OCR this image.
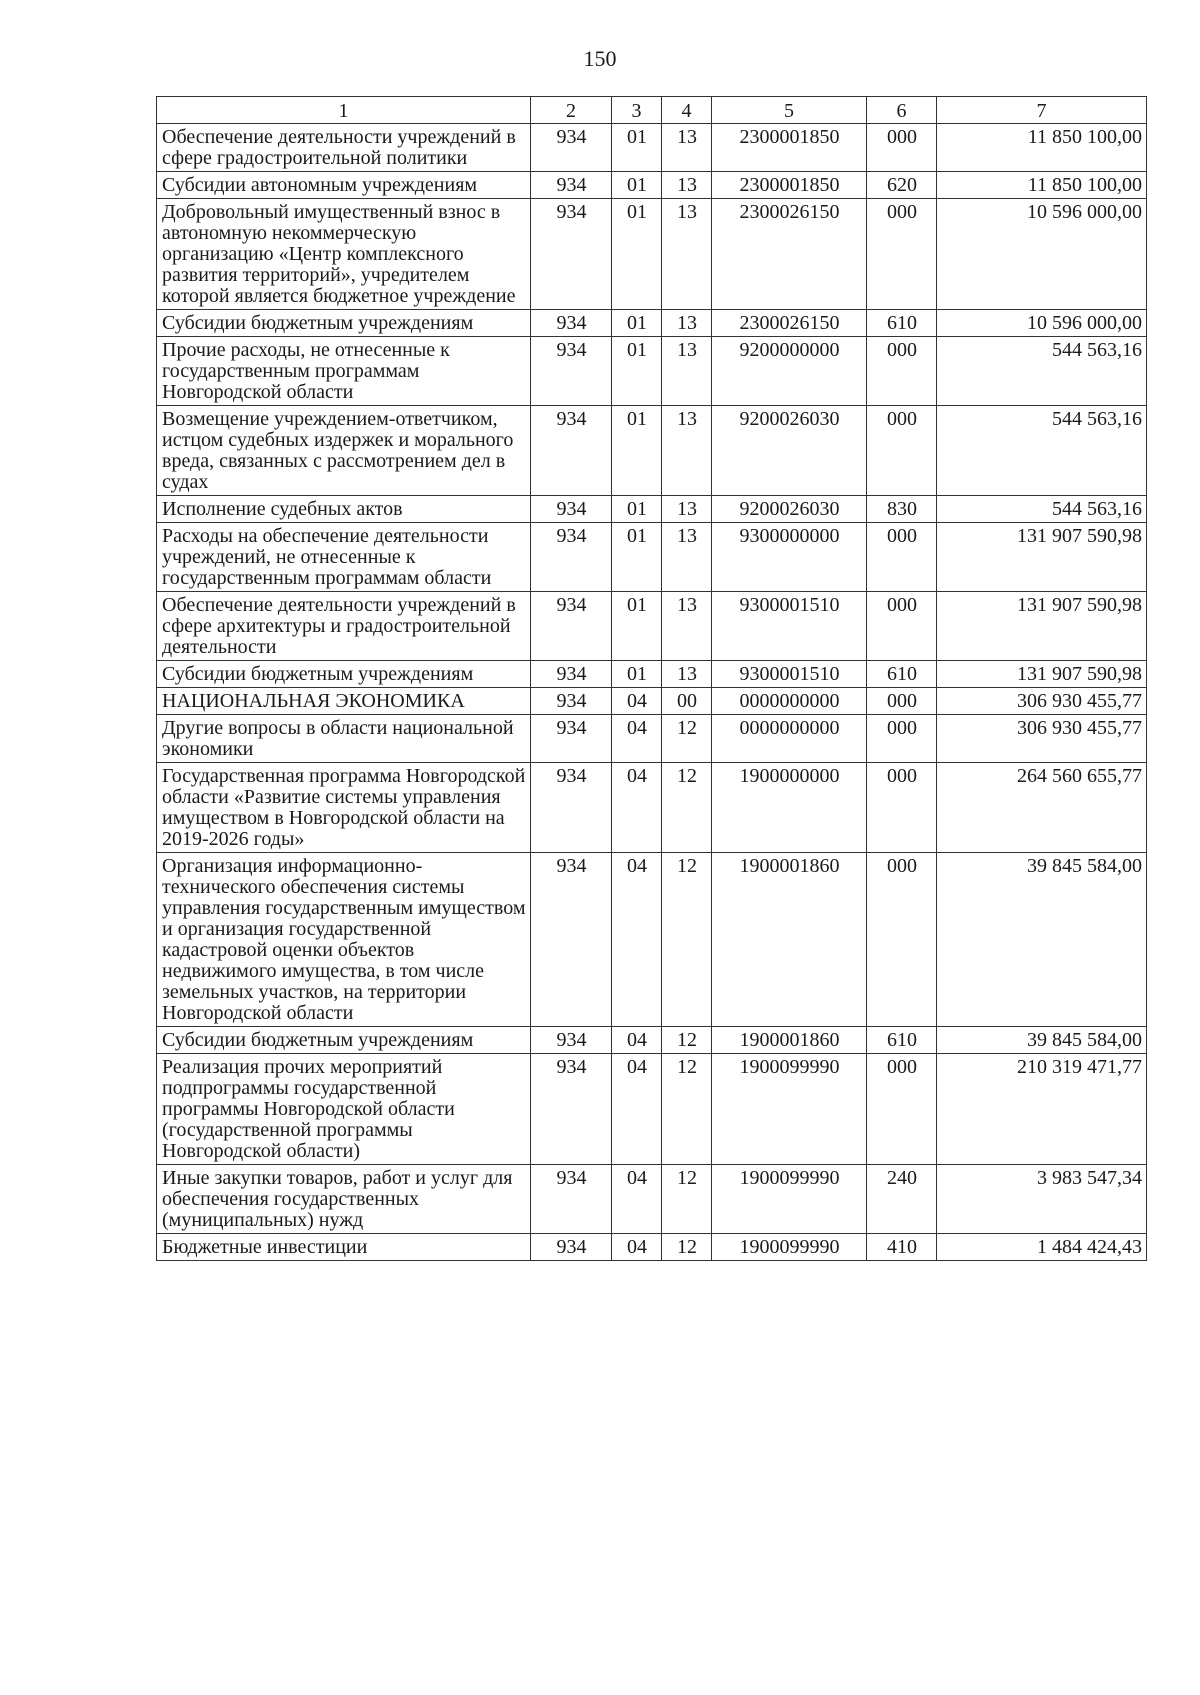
150
1	2	3	4	5	6	7
Обеспечение деятельности учреждений в сфере градостроительной политики	934	01	13	2300001850	000	11 850 100,00
Субсидии автономным учреждениям	934	01	13	2300001850	620	11 850 100,00
Добровольный имущественный взнос в автономную некоммерческую организацию «Центр комплексного развития территорий», учредителем которой является бюджетное учреждение	934	01	13	2300026150	000	10 596 000,00
Субсидии бюджетным учреждениям	934	01	13	2300026150	610	10 596 000,00
Прочие расходы, не отнесенные к государственным программам Новгородской области	934	01	13	9200000000	000	544 563,16
Возмещение учреждением-ответчиком, истцом судебных издержек и морального вреда, связанных с рассмотрением дел в судах	934	01	13	9200026030	000	544 563,16
Исполнение судебных актов	934	01	13	9200026030	830	544 563,16
Расходы на обеспечение деятельности учреждений, не отнесенные к государственным программам области	934	01	13	9300000000	000	131 907 590,98
Обеспечение деятельности учреждений в сфере архитектуры и градостроительной деятельности	934	01	13	9300001510	000	131 907 590,98
Субсидии бюджетным учреждениям	934	01	13	9300001510	610	131 907 590,98
НАЦИОНАЛЬНАЯ ЭКОНОМИКА	934	04	00	0000000000	000	306 930 455,77
Другие вопросы в области национальной экономики	934	04	12	0000000000	000	306 930 455,77
Государственная программа Новгородской области «Развитие системы управления имуществом в Новгородской области на 2019-2026 годы»	934	04	12	1900000000	000	264 560 655,77
Организация информационно-технического обеспечения системы управления государственным имуществом и организация государственной кадастровой оценки объектов недвижимого имущества, в том числе земельных участков, на территории Новгородской области	934	04	12	1900001860	000	39 845 584,00
Субсидии бюджетным учреждениям	934	04	12	1900001860	610	39 845 584,00
Реализация прочих мероприятий подпрограммы государственной программы Новгородской области (государственной программы Новгородской области)	934	04	12	1900099990	000	210 319 471,77
Иные закупки товаров, работ и услуг для обеспечения государственных (муниципальных) нужд	934	04	12	1900099990	240	3 983 547,34
Бюджетные инвестиции	934	04	12	1900099990	410	1 484 424,43
